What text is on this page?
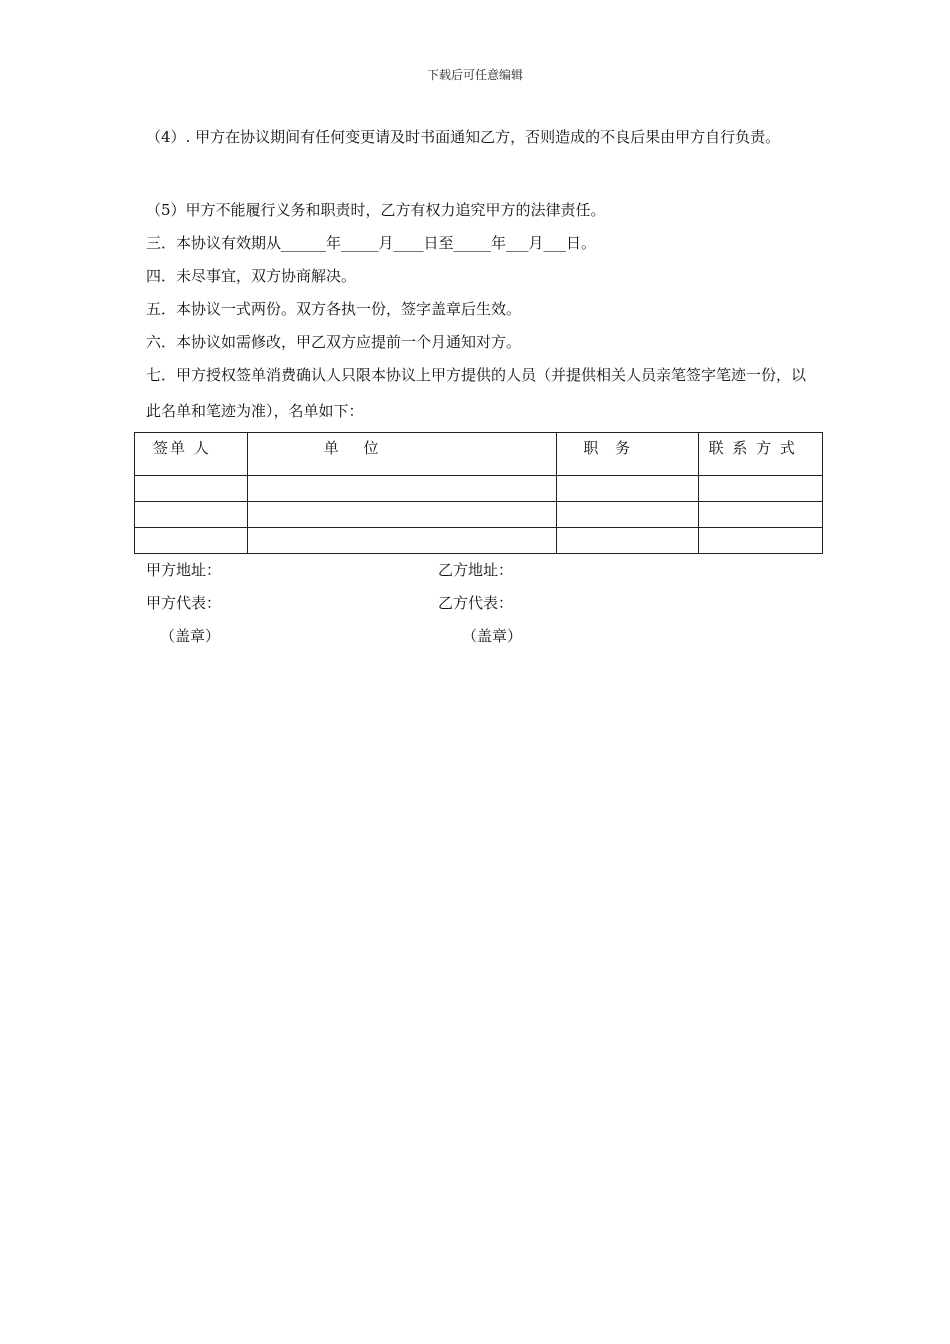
下载后可任意编辑
（4）. 甲方在协议期间有任何变更请及时书面通知乙方，否则造成的不良后果由甲方自行负责。
（5）甲方不能履行义务和职责时，乙方有权力追究甲方的法律责任。
三．本协议有效期从______年_____月____日至_____年___月___日。
四．未尽事宜，双方协商解决。
五．本协议一式两份。双方各执一份，签字盖章后生效。
六．本协议如需修改，甲乙双方应提前一个月通知对方。
七．甲方授权签单消费确认人只限本协议上甲方提供的人员（并提供相关人员亲笔签字笔迹一份，以此名单和笔迹为准），名单如下：
签单 人	单 位	职 务	联 系 方 式

甲方地址：	乙方地址：
甲方代表：	乙方代表：
（盖章）	（盖章）
